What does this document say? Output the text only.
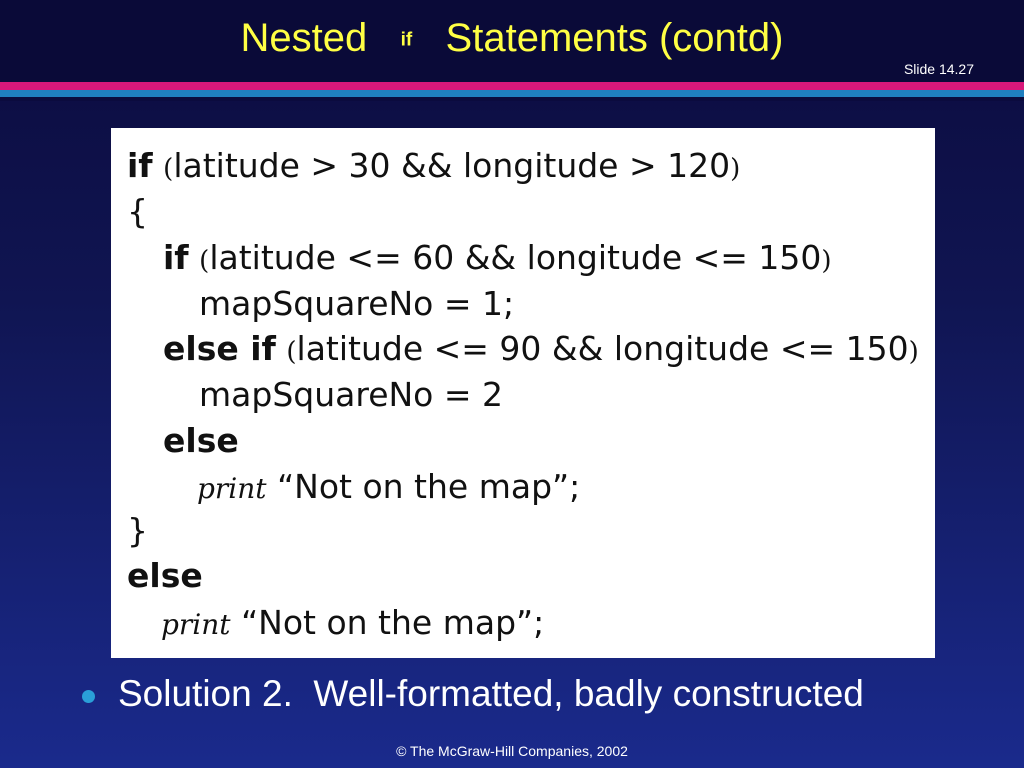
Nested if Statements (contd)
Slide 14.27
if (latitude > 30 && longitude > 120)
{
if (latitude <= 60 && longitude <= 150)
mapSquareNo = 1;
else if (latitude <= 90 && longitude <= 150)
mapSquareNo = 2
else
print “Not on the map”;
}
else
print “Not on the map”;
Solution 2.  Well-formatted, badly constructed
© The McGraw-Hill Companies, 2002
